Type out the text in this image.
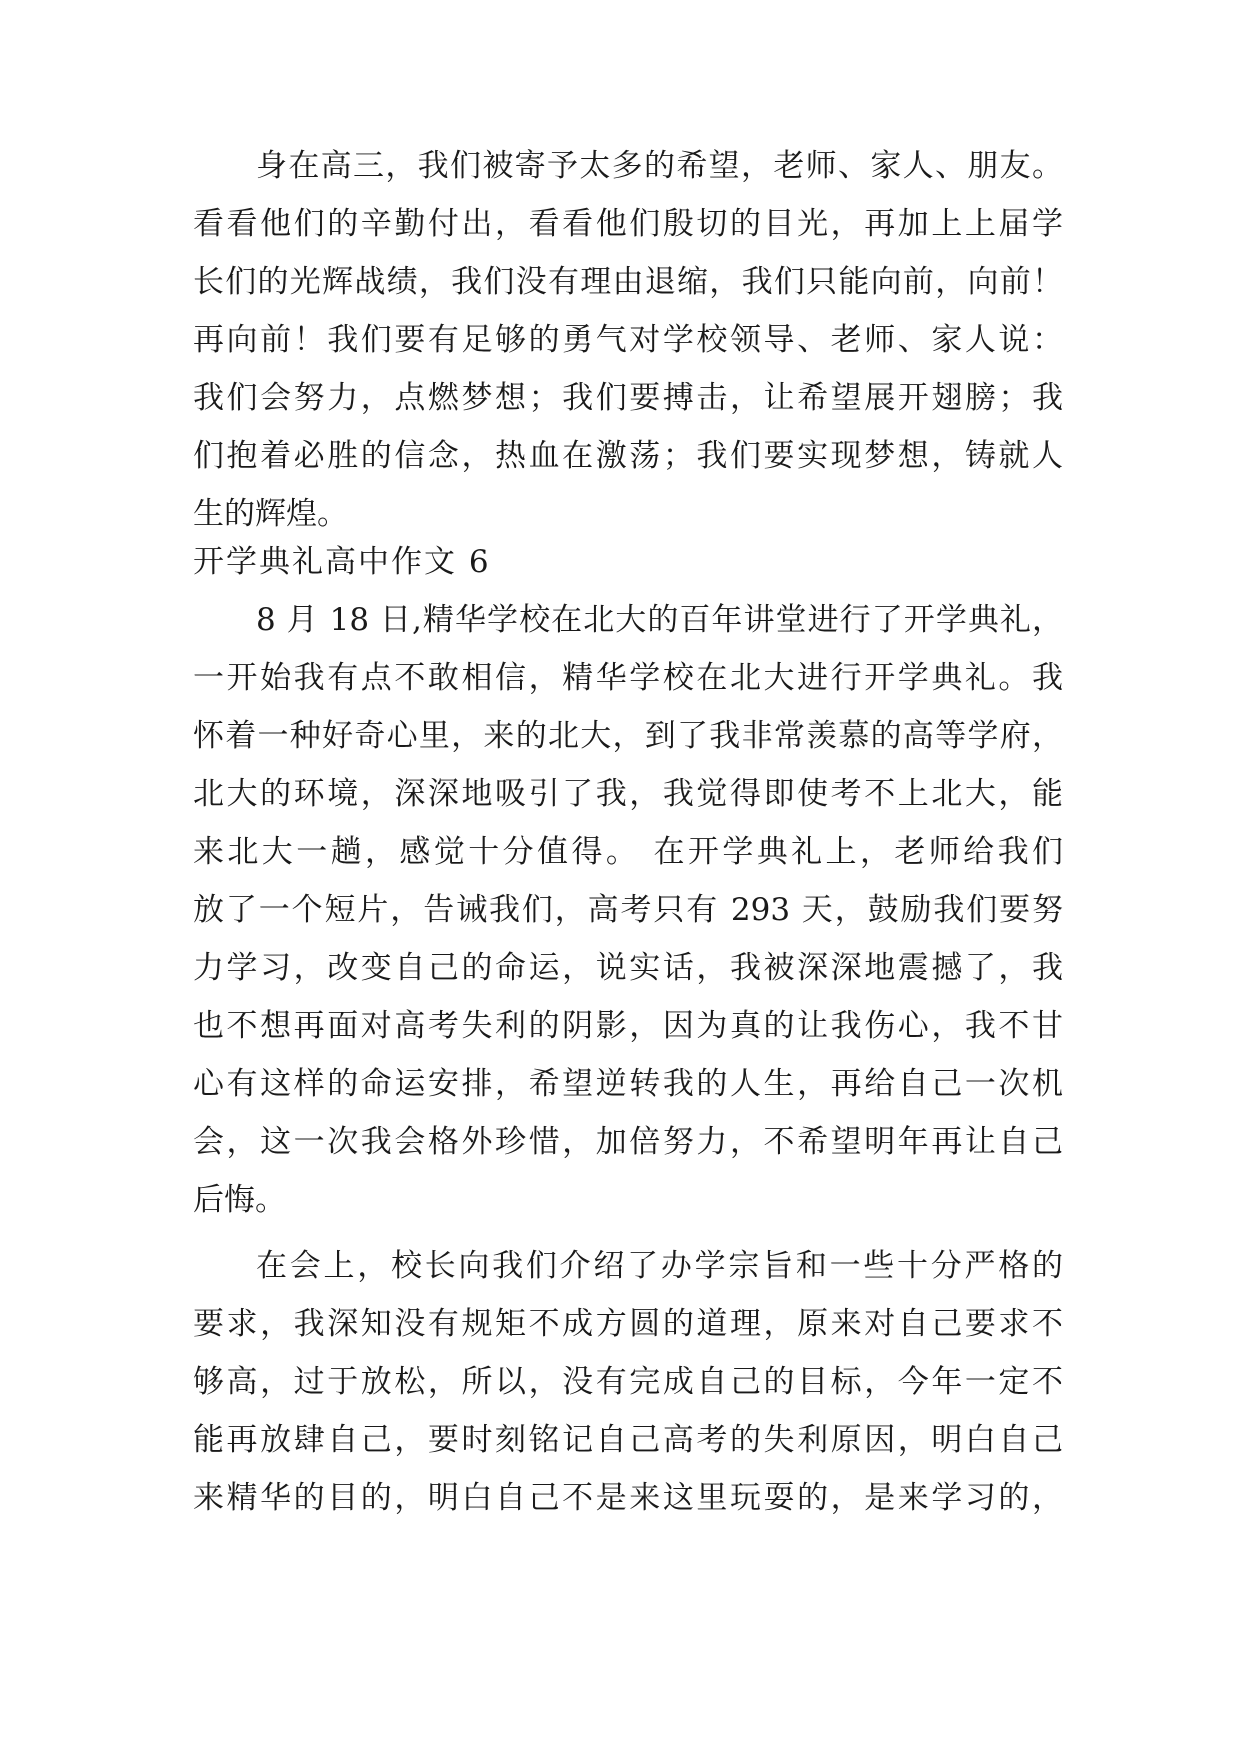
身在高三，我们被寄予太多的希望，老师、家人、朋友。
看看他们的辛勤付出，看看他们殷切的目光，再加上上届学
长们的光辉战绩，我们没有理由退缩，我们只能向前，向前！
再向前！我们要有足够的勇气对学校领导、老师、家人说：
我们会努力，点燃梦想；我们要搏击，让希望展开翅膀；我
们抱着必胜的信念，热血在激荡；我们要实现梦想，铸就人
生的辉煌。
开学典礼高中作文 6
8 月 18 日,精华学校在北大的百年讲堂进行了开学典礼，
一开始我有点不敢相信，精华学校在北大进行开学典礼。我
怀着一种好奇心里，来的北大，到了我非常羡慕的高等学府，
北大的环境，深深地吸引了我，我觉得即使考不上北大，能
来北大一趟，感觉十分值得。 在开学典礼上，老师给我们
放了一个短片，告诫我们，高考只有 293 天，鼓励我们要努
力学习，改变自己的命运，说实话，我被深深地震撼了，我
也不想再面对高考失利的阴影，因为真的让我伤心，我不甘
心有这样的命运安排，希望逆转我的人生，再给自己一次机
会，这一次我会格外珍惜，加倍努力，不希望明年再让自己
后悔。
在会上，校长向我们介绍了办学宗旨和一些十分严格的
要求，我深知没有规矩不成方圆的道理，原来对自己要求不
够高，过于放松，所以，没有完成自己的目标，今年一定不
能再放肆自己，要时刻铭记自己高考的失利原因，明白自己
来精华的目的，明白自己不是来这里玩耍的，是来学习的，
